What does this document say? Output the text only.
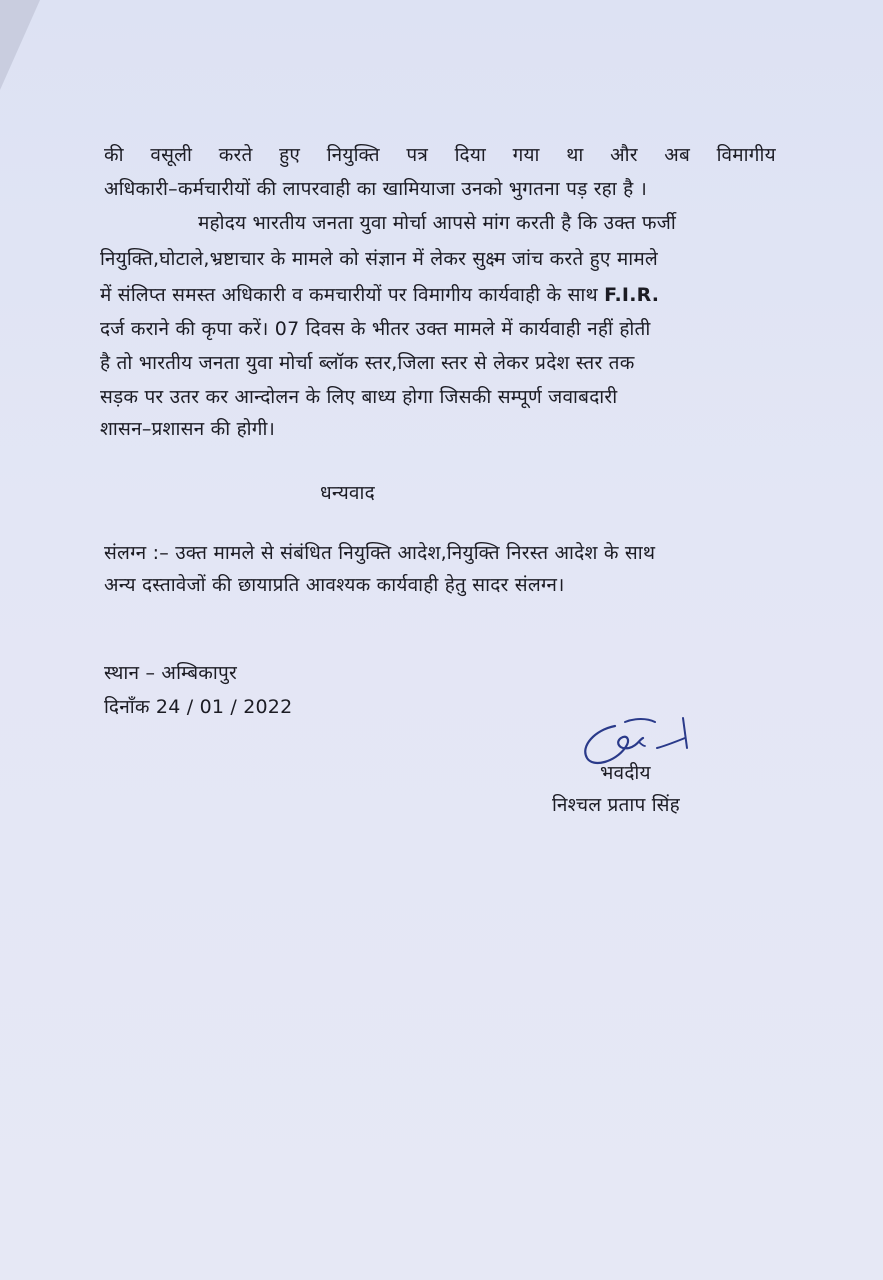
की वसूली करते हुए नियुक्ति पत्र दिया गया था और अब विमागीय
अधिकारी–कर्मचारीयों की लापरवाही का खामियाजा उनको भुगतना पड़ रहा है ।
महोदय भारतीय जनता युवा मोर्चा आपसे मांग करती है कि उक्त फर्जी
नियुक्ति,घोटाले,भ्रष्टाचार के मामले को संज्ञान में लेकर सुक्ष्म जांच करते हुए मामले
में संलिप्त समस्त अधिकारी व कमचारीयों पर विमागीय कार्यवाही के साथ F.I.R.
दर्ज कराने की कृपा करें। 07 दिवस के भीतर उक्त मामले में कार्यवाही नहीं होती
है तो भारतीय जनता युवा मोर्चा ब्लॉक स्तर,जिला स्तर से लेकर प्रदेश स्तर तक
सड़क पर उतर कर आन्दोलन के लिए बाध्य होगा जिसकी सम्पूर्ण जवाबदारी
शासन–प्रशासन की होगी।
धन्यवाद
संलग्न :– उक्त मामले से संबंधित नियुक्ति आदेश,नियुक्ति निरस्त आदेश के साथ
अन्य दस्तावेजों की छायाप्रति आवश्यक कार्यवाही हेतु सादर संलग्न।
स्थान – अम्बिकापुर
दिनाँक 24 / 01 / 2022
भवदीय
निश्चल प्रताप सिंह
